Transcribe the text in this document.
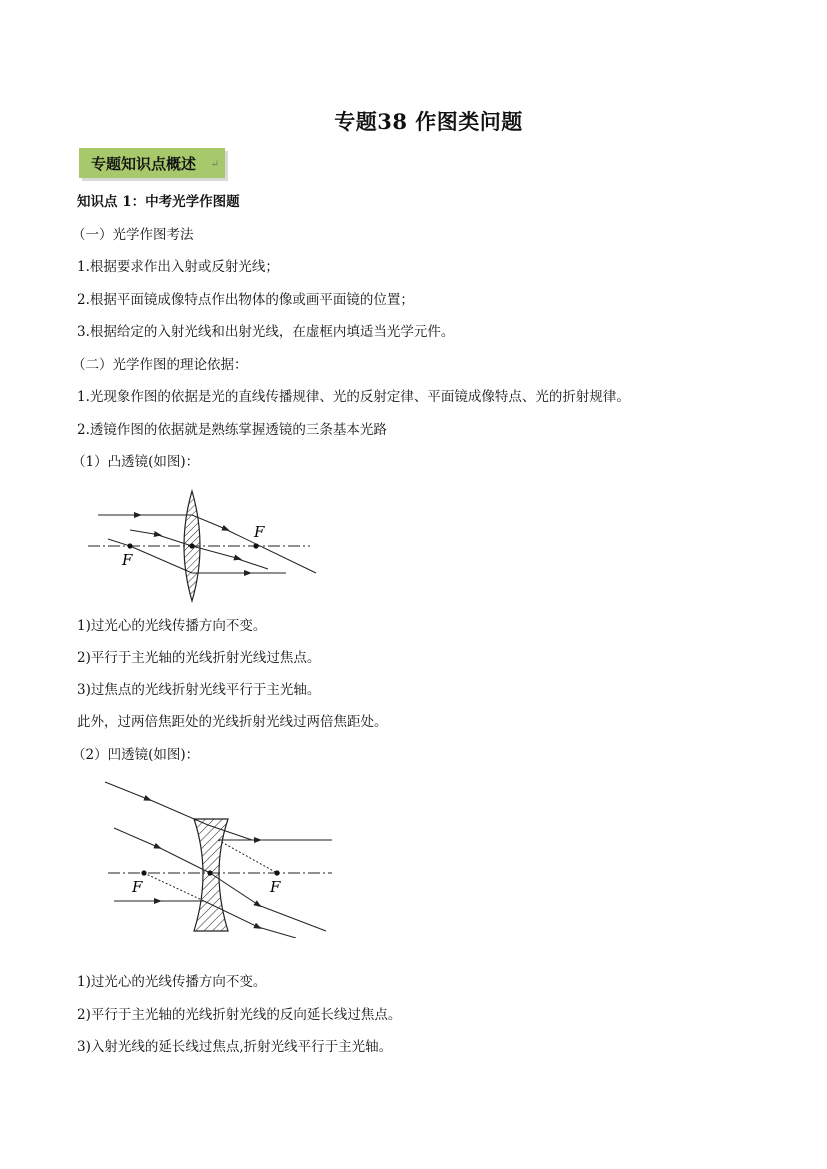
专题38 作图类问题
专题知识点概述 ↵
知识点 1：中考光学作图题
（一）光学作图考法
1.根据要求作出入射或反射光线；
2.根据平面镜成像特点作出物体的像或画平面镜的位置；
3.根据给定的入射光线和出射光线，在虚框内填适当光学元件。
（二）光学作图的理论依据：
1.光现象作图的依据是光的直线传播规律、光的反射定律、平面镜成像特点、光的折射规律。
2.透镜作图的依据就是熟练掌握透镜的三条基本光路
（1）凸透镜(如图)：
F
F
1)过光心的光线传播方向不变。
2)平行于主光轴的光线折射光线过焦点。
3)过焦点的光线折射光线平行于主光轴。
此外，过两倍焦距处的光线折射光线过两倍焦距处。
（2）凹透镜(如图)：
F	F
1)过光心的光线传播方向不变。
2)平行于主光轴的光线折射光线的反向延长线过焦点。
3)入射光线的延长线过焦点,折射光线平行于主光轴。
